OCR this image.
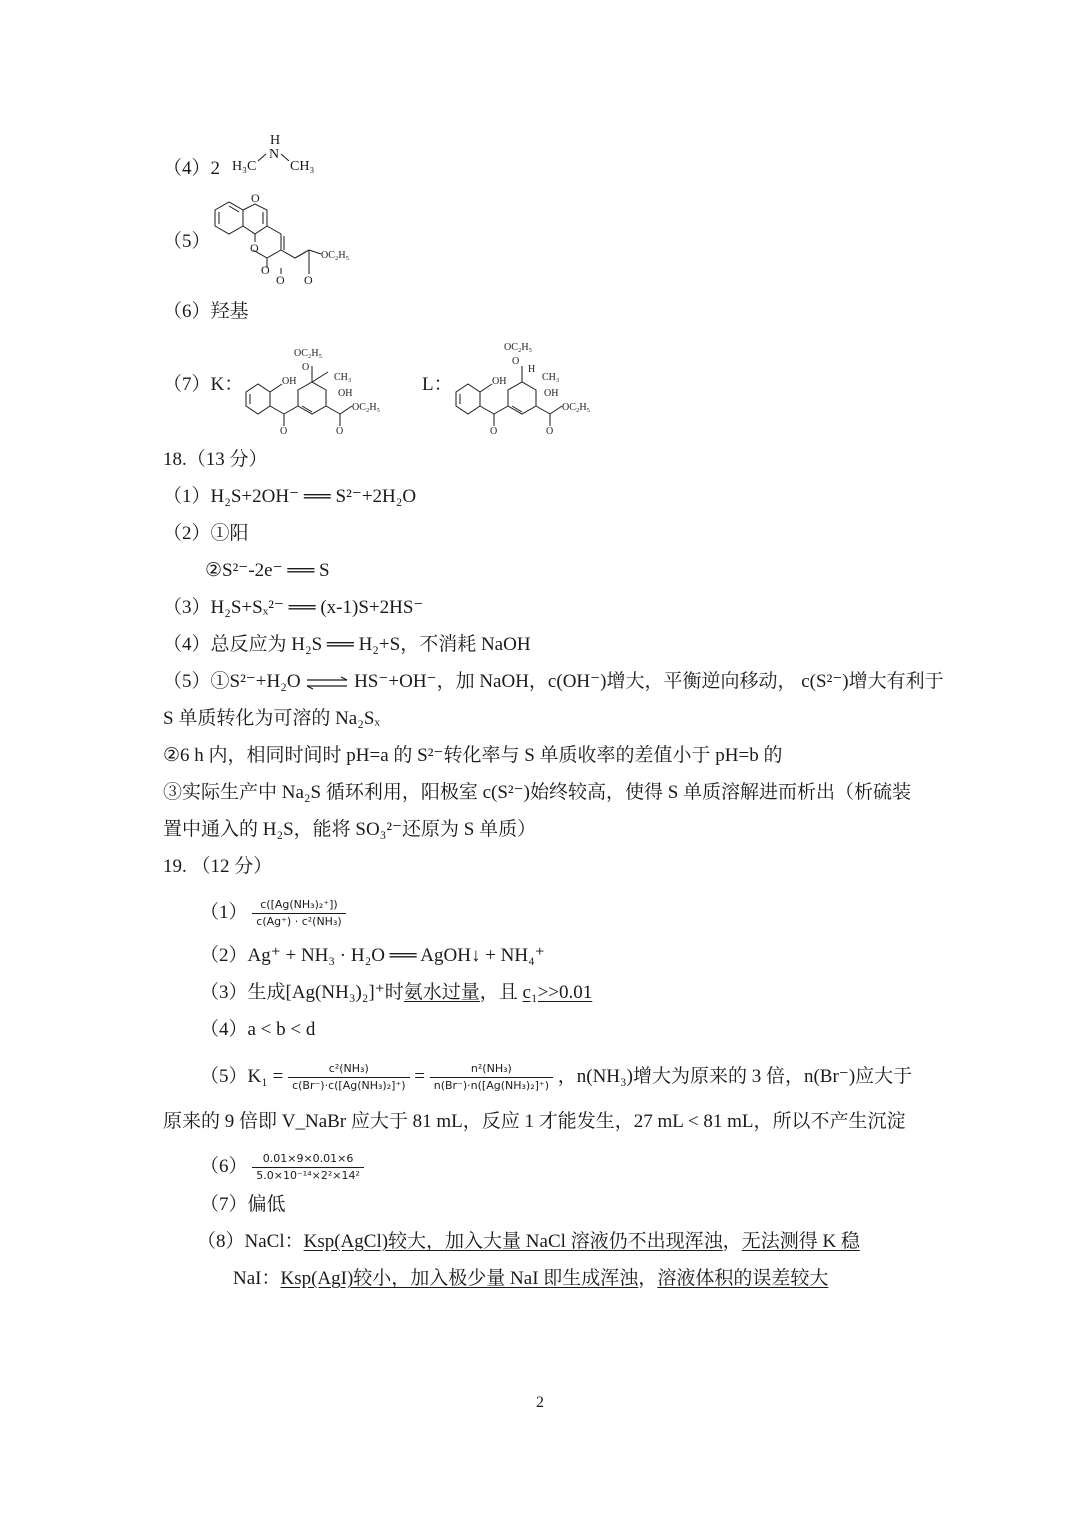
（4）2
H
N
H₃C CH₃
（5）
O
O
O
O O
OC₂H₅
（6）羟基
（7）K：
OC₂H₅
O
OH	CH₃
OH
OC₂H₅
O	O
L：
OC₂H₅
O
H
OH	CH₃
OH
OC₂H₅
O	O
18.（13 分）
（1）H₂S+2OH⁻ ══ S²⁻+2H₂O
（2）①阳
②S²⁻-2e⁻ ══ S
（3）H₂S+Sₓ²⁻ ══ (x-1)S+2HS⁻
（4）总反应为 H₂S ══ H₂+S，不消耗 NaOH
（5）①S²⁻+H₂O ⇌ HS⁻+OH⁻，加 NaOH，c(OH⁻)增大，平衡逆向移动， c(S²⁻)增大有利于
S 单质转化为可溶的 Na₂Sₓ
②6 h 内，相同时间时 pH=a 的 S²⁻转化率与 S 单质收率的差值小于 pH=b 的
③实际生产中 Na₂S 循环利用，阳极室 c(S²⁻)始终较高，使得 S 单质溶解进而析出（析硫装
置中通入的 H₂S，能将 SO₃²⁻还原为 S 单质）
19. （12 分）
$(1) \frac{\text{c([Ag(NH₃)₂⁺])}}{\text{c(Ag⁺) · c²(NH₃)}}$
（2）Ag⁺ + NH₃ · H₂O ══ AgOH↓ + NH₄⁺
（3）生成[Ag(NH₃)₂]⁺时氨水过量，且 c₁>>0.01
（4）a < b < d
$(5)K_1 = \frac{\text{c²(NH₃)}}{\text{c(Br⁻)·c([Ag(NH₃)₂]⁺)}} = \frac{\text{n²(NH₃)}}{\text{n(Br⁻)·n([Ag(NH₃)₂]⁺)}}$ ，n(NH₃)增大为原来的 3 倍，n(Br⁻)应大于
原来的 9 倍即 V_NaBr 应大于 81 mL，反应 1 才能发生，27 mL < 81 mL，所以不产生沉淀
$(6) \frac{0.01\times 9\times 0.01\times 6}{\text{5.0×10⁻¹⁴×2²×14²}}$
（7）偏低
（8）NaCl：Ksp(AgCl)较大，加入大量 NaCl 溶液仍不出现浑浊，无法测得 K 稳
NaI：Ksp(AgI)较小，加入极少量 NaI 即生成浑浊，溶液体积的误差较大
2
